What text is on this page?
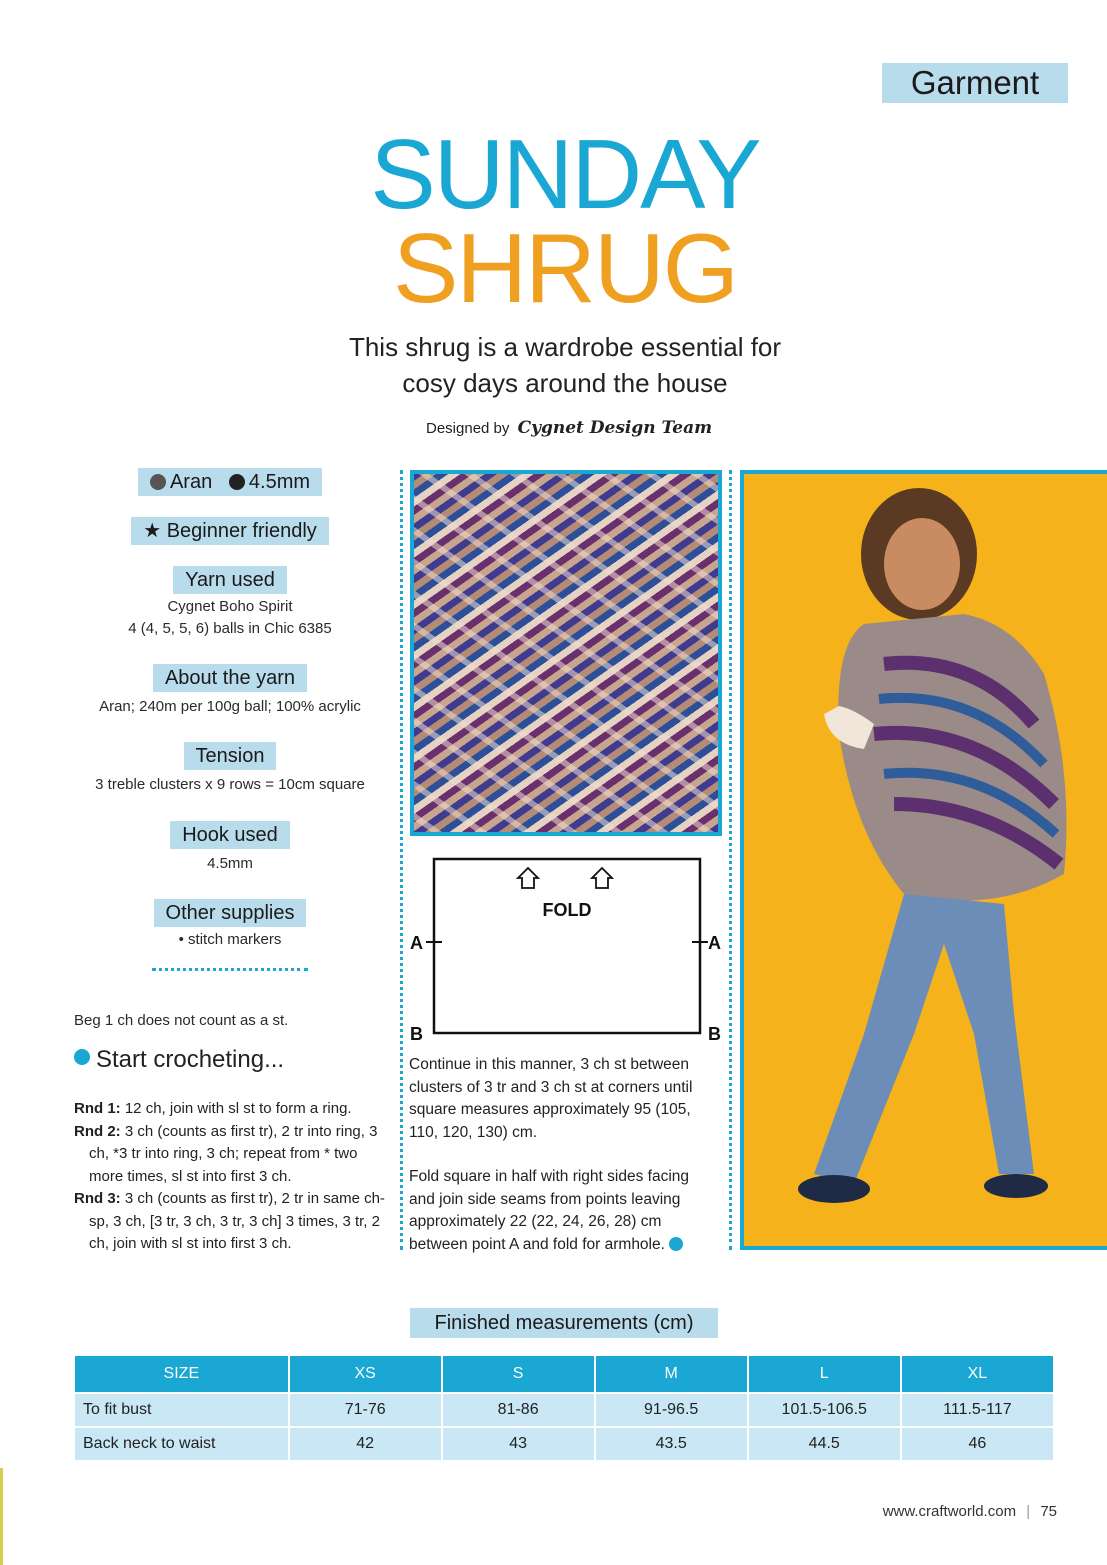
Garment
SUNDAY
SHRUG
This shrug is a wardrobe essential for
cosy days around the house
Designed by Cygnet Design Team
Aran 4.5mm
★ Beginner friendly
Yarn used
Cygnet Boho Spirit
4 (4, 5, 5, 6) balls in Chic 6385
About the yarn
Aran; 240m per 100g ball; 100% acrylic
Tension
3 treble clusters x 9 rows = 10cm square
Hook used
4.5mm
Other supplies
• stitch markers
Beg 1 ch does not count as a st.
Start crocheting...
Rnd 1: 12 ch, join with sl st to form a ring.
Rnd 2: 3 ch (counts as first tr), 2 tr into ring, 3 ch, *3 tr into ring, 3 ch; repeat from * two more times, sl st into first 3 ch.
Rnd 3: 3 ch (counts as first tr), 2 tr in same ch-sp, 3 ch, [3 tr, 3 ch, 3 tr, 3 ch] 3 times, 3 tr, 2 ch, join with sl st into first 3 ch.
FOLD
A	A
B	B
Continue in this manner, 3 ch st between clusters of 3 tr and 3 ch st at corners until square measures approximately 95 (105, 110, 120, 130) cm.
Fold square in half with right sides facing and join side seams from points leaving approximately 22 (22, 24, 26, 28) cm between point A and fold for armhole.
Finished measurements (cm)
SIZE	XS	S	M	L	XL
To fit bust	71-76	81-86	91-96.5	101.5-106.5	111.5-117
Back neck to waist	42	43	43.5	44.5	46
www.craftworld.com | 75
